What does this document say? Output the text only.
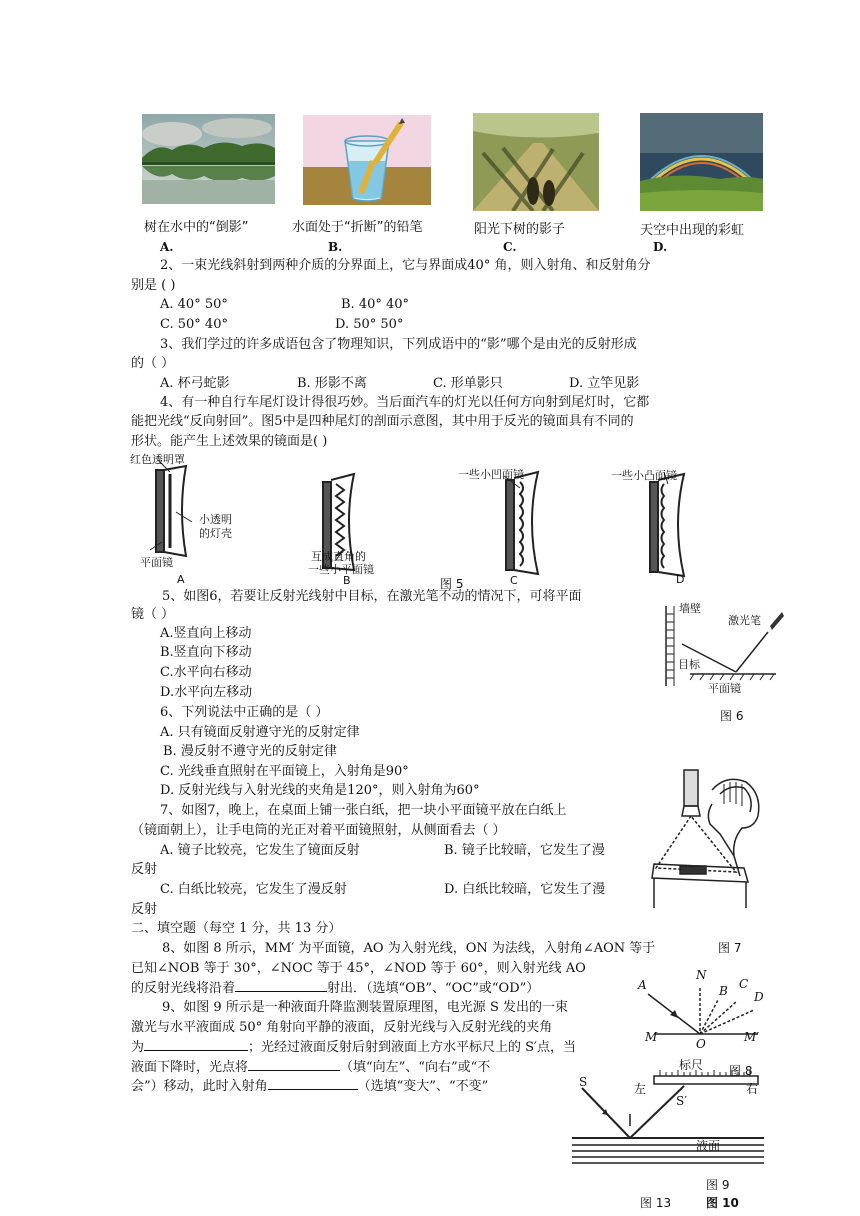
树在水中的“倒影”	水面处于“折断”的铅笔	阳光下树的影子	天空中出现的彩虹
A.	B.	C.	D.
2、一束光线斜射到两种介质的分界面上，它与界面成40° 角，则入射角、和反射角分
别是 ( )
A. 40° 50°	B. 40° 40°
C. 50° 40°	D. 50° 50°
3、我们学过的许多成语包含了物理知识，下列成语中的“影”哪个是由光的反射形成
的（ ）
A. 杯弓蛇影	B. 形影不离	C. 形单影只	D. 立竿见影
4、有一种自行车尾灯设计得很巧妙。当后面汽车的灯光以任何方向射到尾灯时，它都
能把光线“反向射回”。图5中是四种尾灯的剖面示意图，其中用于反光的镜面具有不同的
形状。能产生上述效果的镜面是( )
红色透明罩
小透明
的灯壳
平面镜	互成直角的
一些小平面镜
一些小凹面镜	一些小凸面镜
A	B	图 5	C	D
5、如图6，若要让反射光线射中目标，在激光笔不动的情况下，可将平面
镜（ ）
A.竖直向上移动
B.竖直向下移动
C.水平向右移动
D.水平向左移动
墙壁
激光笔
目标
平面镜
图 6
6、下列说法中正确的是（ ）
A. 只有镜面反射遵守光的反射定律
B. 漫反射不遵守光的反射定律
C. 光线垂直照射在平面镜上，入射角是90°
D. 反射光线与入射光线的夹角是120°，则入射角为60°
7、如图7，晚上，在桌面上铺一张白纸，把一块小平面镜平放在白纸上
（镜面朝上），让手电筒的光正对着平面镜照射，从侧面看去（ ）
A. 镜子比较亮，它发生了镜面反射	B. 镜子比较暗，它发生了漫
反射
C. 白纸比较亮，它发生了漫反射	D. 白纸比较暗，它发生了漫
反射
二、填空题（每空 1 分，共 13 分）
8、如图 8 所示，MM′ 为平面镜，AO 为入射光线，ON 为法线，入射角∠AON 等于	图 7
已知∠NOB 等于 30°，∠NOC 等于 45°，∠NOD 等于 60°，则入射光线 AO
的反射光线将沿着	射出．（选填“OB”、“OC”或“OD”）	A
N
B C
D
M	O	M′
图 8
9、如图 9 所示是一种液面升降监测装置原理图，电光源 S 发出的一束
激光与水平液面成 50° 角射向平静的液面，反射光线与入反射光线的夹角
为	；光经过液面反射后射到液面上方水平标尺上的 S′点，当
液面下降时，光点将	（填“向左”、“向右”或“不
会”）移动，此时入射角	（选填“变大”、“不变”
标尺
左	右
S
S′
液面
图 9
图 13	图 10
